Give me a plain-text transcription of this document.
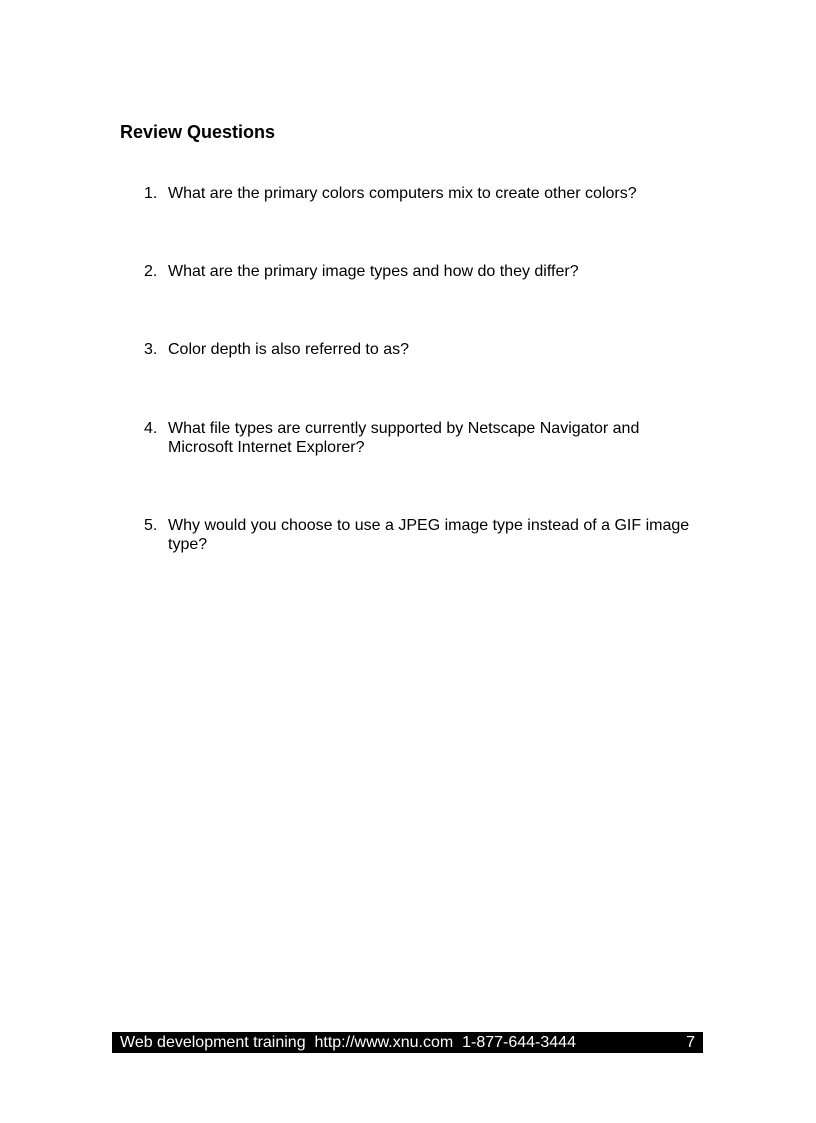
Review Questions
1. What are the primary colors computers mix to create other colors?
2. What are the primary image types and how do they differ?
3. Color depth is also referred to as?
4. What file types are currently supported by Netscape Navigator and Microsoft Internet Explorer?
5. Why would you choose to use a JPEG image type instead of a GIF image type?
Web development training  http://www.xnu.com  1-877-644-3444	7
